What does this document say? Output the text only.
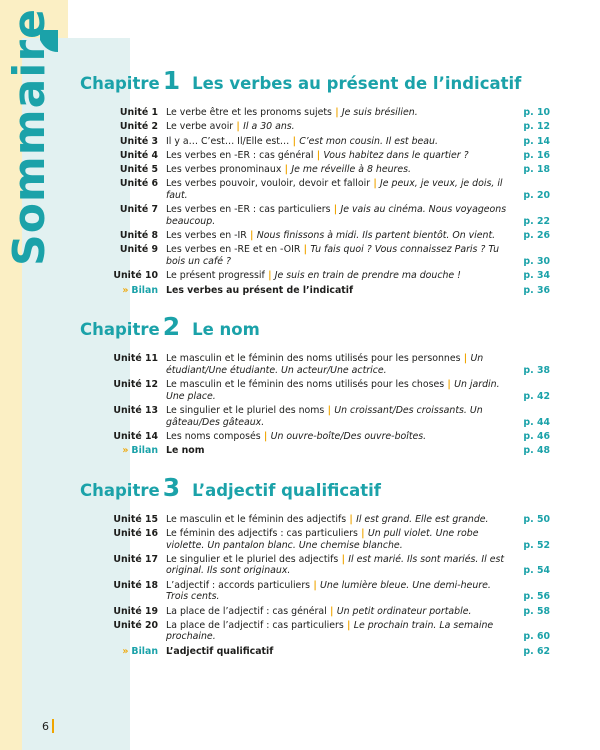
Sommaire Chapitre 1 Les verbes au présent de l’indicatif
Unité 1 Le verbe être et les pronoms sujets | Je suis brésilien.	p. 10
Unité 2 Le verbe avoir | Il a 30 ans.	p. 12
Unité 3 Il y a… C’est… Il/Elle est… | C’est mon cousin. Il est beau.	p. 14
Unité 4 Les verbes en -ER : cas général | Vous habitez dans le quartier ?	p. 16
Unité 5 Les verbes pronominaux | Je me réveille à 8 heures.	p. 18
Unité 6 Les verbes pouvoir, vouloir, devoir et falloir | Je peux, je veux, je dois, il faut.	p. 20
Unité 7 Les verbes en -ER : cas particuliers | Je vais au cinéma. Nous voyageons beaucoup.	p. 22
Unité 8 Les verbes en -IR | Nous finissons à midi. Ils partent bientôt. On vient.	p. 26
Unité 9 Les verbes en -RE et en -OIR | Tu fais quoi ? Vous connaissez Paris ? Tu bois un café ?	p. 30
Unité 10 Le présent progressif | Je suis en train de prendre ma douche !	p. 34
» Bilan Les verbes au présent de l’indicatif	p. 36
Chapitre 2 Le nom
Unité 11 Le masculin et le féminin des noms utilisés pour les personnes | Un étudiant/Une étudiante. Un acteur/Une actrice.	p. 38
Unité 12 Le masculin et le féminin des noms utilisés pour les choses | Un jardin. Une place.	p. 42
Unité 13 Le singulier et le pluriel des noms | Un croissant/Des croissants. Un gâteau/Des gâteaux.	p. 44
Unité 14 Les noms composés | Un ouvre-boîte/Des ouvre-boîtes.	p. 46
» Bilan Le nom	p. 48
Chapitre 3 L’adjectif qualificatif
Unité 15 Le masculin et le féminin des adjectifs | Il est grand. Elle est grande.	p. 50
Unité 16 Le féminin des adjectifs : cas particuliers | Un pull violet. Une robe violette. Un pantalon blanc. Une chemise blanche.	p. 52
Unité 17 Le singulier et le pluriel des adjectifs | Il est marié. Ils sont mariés. Il est original. Ils sont originaux.	p. 54
Unité 18 L’adjectif : accords particuliers | Une lumière bleue. Une demi-heure. Trois cents.	p. 56
Unité 19 La place de l’adjectif : cas général | Un petit ordinateur portable.	p. 58
Unité 20 La place de l’adjectif : cas particuliers | Le prochain train. La semaine prochaine.	p. 60
» Bilan L’adjectif qualificatif	p. 62
6
